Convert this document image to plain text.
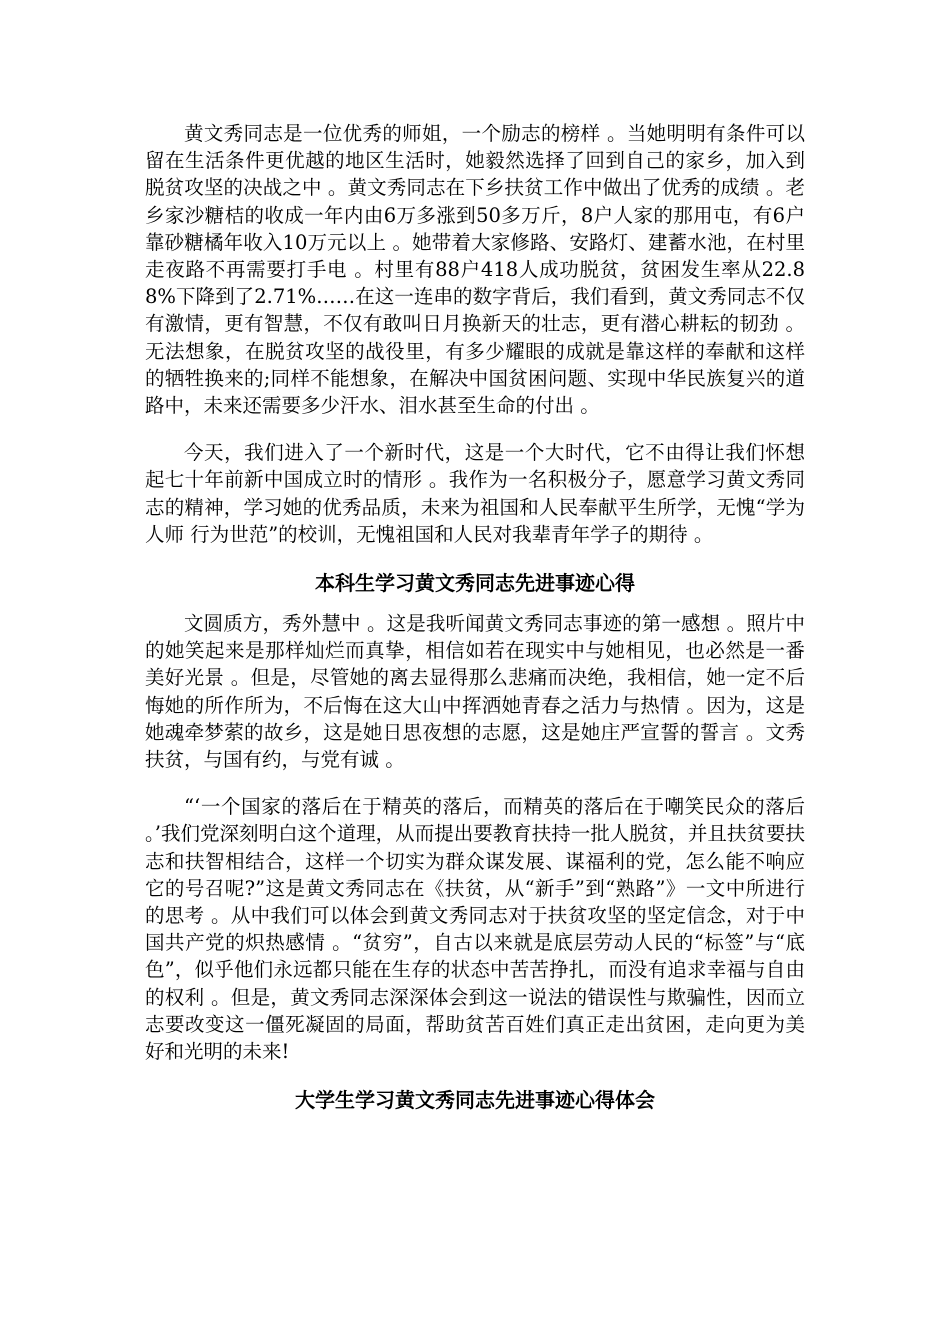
黄文秀同志是一位优秀的师姐，一个励志的榜样 。当她明明有条件可以留在生活条件更优越的地区生活时，她毅然选择了回到自己的家乡，加入到脱贫攻坚的决战之中 。黄文秀同志在下乡扶贫工作中做出了优秀的成绩 。老乡家沙糖桔的收成一年内由6万多涨到50多万斤，8户人家的那用屯，有6户靠砂糖橘年收入10万元以上 。她带着大家修路、安路灯、建蓄水池，在村里走夜路不再需要打手电 。村里有88户418人成功脱贫，贫困发生率从22.88%下降到了2.71%……在这一连串的数字背后，我们看到，黄文秀同志不仅有激情，更有智慧，不仅有敢叫日月换新天的壮志，更有潜心耕耘的韧劲 。无法想象，在脱贫攻坚的战役里，有多少耀眼的成就是靠这样的奉献和这样的牺牲换来的;同样不能想象，在解决中国贫困问题、实现中华民族复兴的道路中，未来还需要多少汗水、泪水甚至生命的付出 。

今天，我们进入了一个新时代，这是一个大时代，它不由得让我们怀想起七十年前新中国成立时的情形 。我作为一名积极分子，愿意学习黄文秀同志的精神，学习她的优秀品质，未来为祖国和人民奉献平生所学，无愧“学为人师 行为世范”的校训，无愧祖国和人民对我辈青年学子的期待 。

本科生学习黄文秀同志先进事迹心得

文圆质方，秀外慧中 。这是我听闻黄文秀同志事迹的第一感想 。照片中的她笑起来是那样灿烂而真挚，相信如若在现实中与她相见，也必然是一番美好光景 。但是，尽管她的离去显得那么悲痛而决绝，我相信，她一定不后悔她的所作所为，不后悔在这大山中挥洒她青春之活力与热情 。因为，这是她魂牵梦萦的故乡，这是她日思夜想的志愿，这是她庄严宣誓的誓言 。文秀扶贫，与国有约，与党有诚 。

“‘一个国家的落后在于精英的落后，而精英的落后在于嘲笑民众的落后 。’我们党深刻明白这个道理，从而提出要教育扶持一批人脱贫，并且扶贫要扶志和扶智相结合，这样一个切实为群众谋发展、谋福利的党，怎么能不响应它的号召呢?”这是黄文秀同志在《扶贫，从“新手”到“熟路”》一文中所进行的思考 。从中我们可以体会到黄文秀同志对于扶贫攻坚的坚定信念，对于中国共产党的炽热感情 。“贫穷”，自古以来就是底层劳动人民的“标签”与“底色”，似乎他们永远都只能在生存的状态中苦苦挣扎，而没有追求幸福与自由的权利 。但是，黄文秀同志深深体会到这一说法的错误性与欺骗性，因而立志要改变这一僵死凝固的局面，帮助贫苦百姓们真正走出贫困，走向更为美好和光明的未来!

大学生学习黄文秀同志先进事迹心得体会
